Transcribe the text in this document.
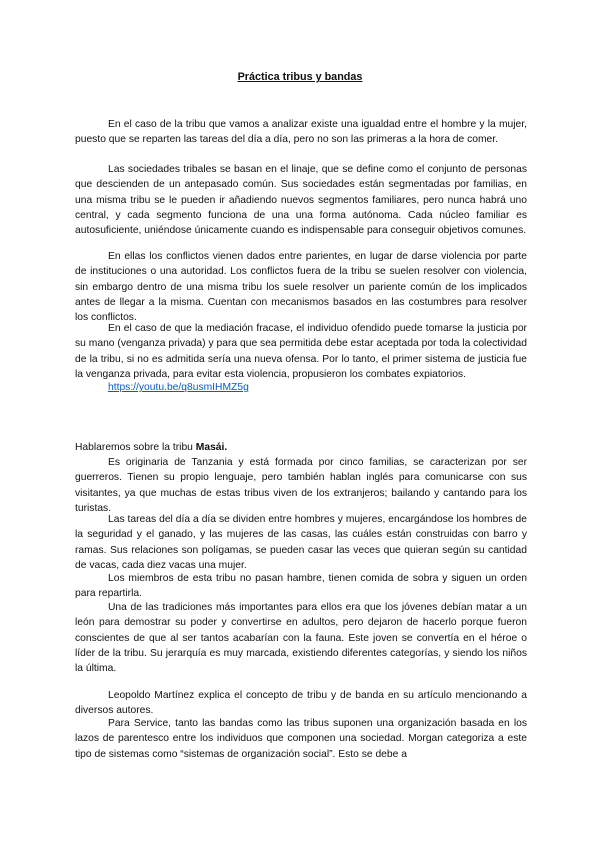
Práctica tribus y bandas

En el caso de la tribu que vamos a analizar existe una igualdad entre el hombre y la mujer, puesto que se reparten las tareas del día a día, pero no son las primeras a la hora de comer.

Las sociedades tribales se basan en el linaje, que se define como el conjunto de personas que descienden de un antepasado común. Sus sociedades están segmentadas por familias, en una misma tribu se le pueden ir añadiendo nuevos segmentos familiares, pero nunca habrá uno central, y cada segmento funciona de una una forma autónoma. Cada núcleo familiar es autosuficiente, uniéndose únicamente cuando es indispensable para conseguir objetivos comunes.

En ellas los conflictos vienen dados entre parientes, en lugar de darse violencia por parte de instituciones o una autoridad. Los conflictos fuera de la tribu se suelen resolver con violencia, sin embargo dentro de una misma tribu los suele resolver un pariente común de los implicados antes de llegar a la misma. Cuentan con mecanismos basados en las costumbres para resolver los conflictos.

En el caso de que la mediación fracase, el individuo ofendido puede tomarse la justicia por su mano (venganza privada) y para que sea permitida debe estar aceptada por toda la colectividad de la tribu, si no es admitida sería una nueva ofensa. Por lo tanto, el primer sistema de justicia fue la venganza privada, para evitar esta violencia, propusieron los combates expiatorios.

https://youtu.be/q8usmIHMZ5g
Hablaremos sobre la tribu Masái.

Es originaria de Tanzania y está formada por cinco familias, se caracterizan por ser guerreros. Tienen su propio lenguaje, pero también hablan inglés para comunicarse con sus visitantes, ya que muchas de estas tribus viven de los extranjeros; bailando y cantando para los turistas.

Las tareas del día a día se dividen entre hombres y mujeres, encargándose los hombres de la seguridad y el ganado, y las mujeres de las casas, las cuáles están construidas con barro y ramas. Sus relaciones son polígamas, se pueden casar las veces que quieran según su cantidad de vacas, cada diez vacas una mujer.

Los miembros de esta tribu no pasan hambre, tienen comida de sobra y siguen un orden para repartirla.

Una de las tradiciones más importantes para ellos era que los jóvenes debían matar a un león para demostrar su poder y convertirse en adultos, pero dejaron de hacerlo porque fueron conscientes de que al ser tantos acabarían con la fauna. Este joven se convertía en el héroe o líder de la tribu. Su jerarquía es muy marcada, existiendo diferentes categorías, y siendo los niños la última.

Leopoldo Martínez explica el concepto de tribu y de banda en su artículo mencionando a diversos autores.

Para Service, tanto las bandas como las tribus suponen una organización basada en los lazos de parentesco entre los individuos que componen una sociedad. Morgan categoriza a este tipo de sistemas como “sistemas de organización social”. Esto se debe a
